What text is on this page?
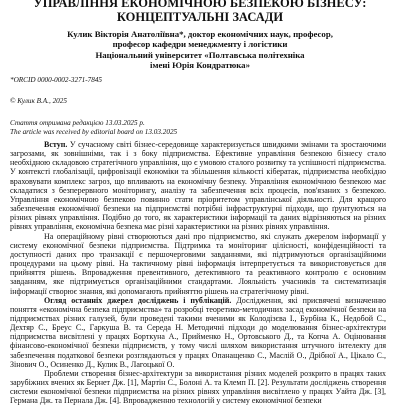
УПРАВЛІННЯ ЕКОНОМІЧНОЮ БЕЗПЕКОЮ БІЗНЕСУ:
КОНЦЕПТУАЛЬНІ ЗАСАДИ
Кулик Вікторія Анатоліївна*, доктор економічних наук, професор,
професор кафедри менеджменту і логістики
Національний університет «Полтавська політехніка
імені Юрія Кондратюка»
*ORCID 0000-0002-3271-7845
© Кулик В.А., 2025
Стаття отримана редакцією 13.03.2025 р.
The article was received by editorial board on 13.03.2025

Вступ. У сучасному світі бізнес-середовище характеризується швидкими змінами та зростаючими загрозами, як зовнішніми, так і з боку підприємства. Ефективне управління безпекою бізнесу стало необхідною складовою стратегічного управління, що є умовою сталого розвитку та успішності підприємства. У контексті глобалізації, цифровізації економіки та збільшення кількості кібератак, підприємства необхідно враховувати комплекс загроз, що впливають на економічну безпеку. Управління економічною безпекою має складатися з безперервного моніторингу, аналізу та забезпечення всіх процесів, пов'язаних з безпекою. Управління економічною безпекою повинно стати пріоритетом управлінської діяльності. Для кращого забезпечення економічної безпеки на підприємстві потрібні інфраструктурні підходи, що ґрунтуються на різних рівнях управління. Подібно до того, як характеристики інформації та даних відрізняються на різних рівнях управління, економічна безпека має різні характеристики на різних рівнях управління.

На операційному рівні створюються дані про підприємство, які служать джерелом інформації у систему економічної безпеки підприємства. Підтримка та моніторинг цілісності, конфіденційності та доступності даних про транзакції є першочерговими завданнями, які підтримуються організаційними процедурами на цьому рівні. На тактичному рівні інформація інтерпретується та використовується для прийняття рішень. Впровадження превентивного, детективного та реактивного контролю є основним завданням, яке підтримується організаційними стандартами. Лояльність учасників та систематизація інформації створює знання, які допомагають прийняттю рішень на стратегічному рівні.

Огляд останніх джерел досліджень і публікацій. Дослідження, які присвячені визначенню поняття «економічна безпека підприємства» та розробці теоретико-методичних засад економічної безпеки на підприємствах різних галузей, були проведені такими вченими як Колодізєва І., Бурбіна К., Недобой С., Дехтяр С., Бреус С., Гаркуша В. та Середа Н. Методичні підходи до моделювання бізнес-архітектури підприємства висвітлені у працях Борткуна А., Прийменко Н., Ортовського Д., та Копча А. Оцінювання фінансово-економічної безпеки підприємств, у тому числі шляхом використання штучного інтелекту для забезпечення податкової безпеки розглядаються у працях Опанащенко С., Маслій О., Дрібної А., Цікало С., Зінович О., Осиненко Д., Кулик В., Лагоцької О.

Проблеми створення бізнес-архітектури за використання різних моделей розкрито в працях таких зарубіжних вчених як Бернет Дж. [1], Мартін С., Болоні А. та Клемп П. [2]. Результати досліджень створення системи економічної безпеки підприємства на різних рівнях управління висвітлено у працях Уайта Дж. [3], Германа Дж. та Пернала Дж. [4]. Впровадженню технологій у систему економічної безпеки
